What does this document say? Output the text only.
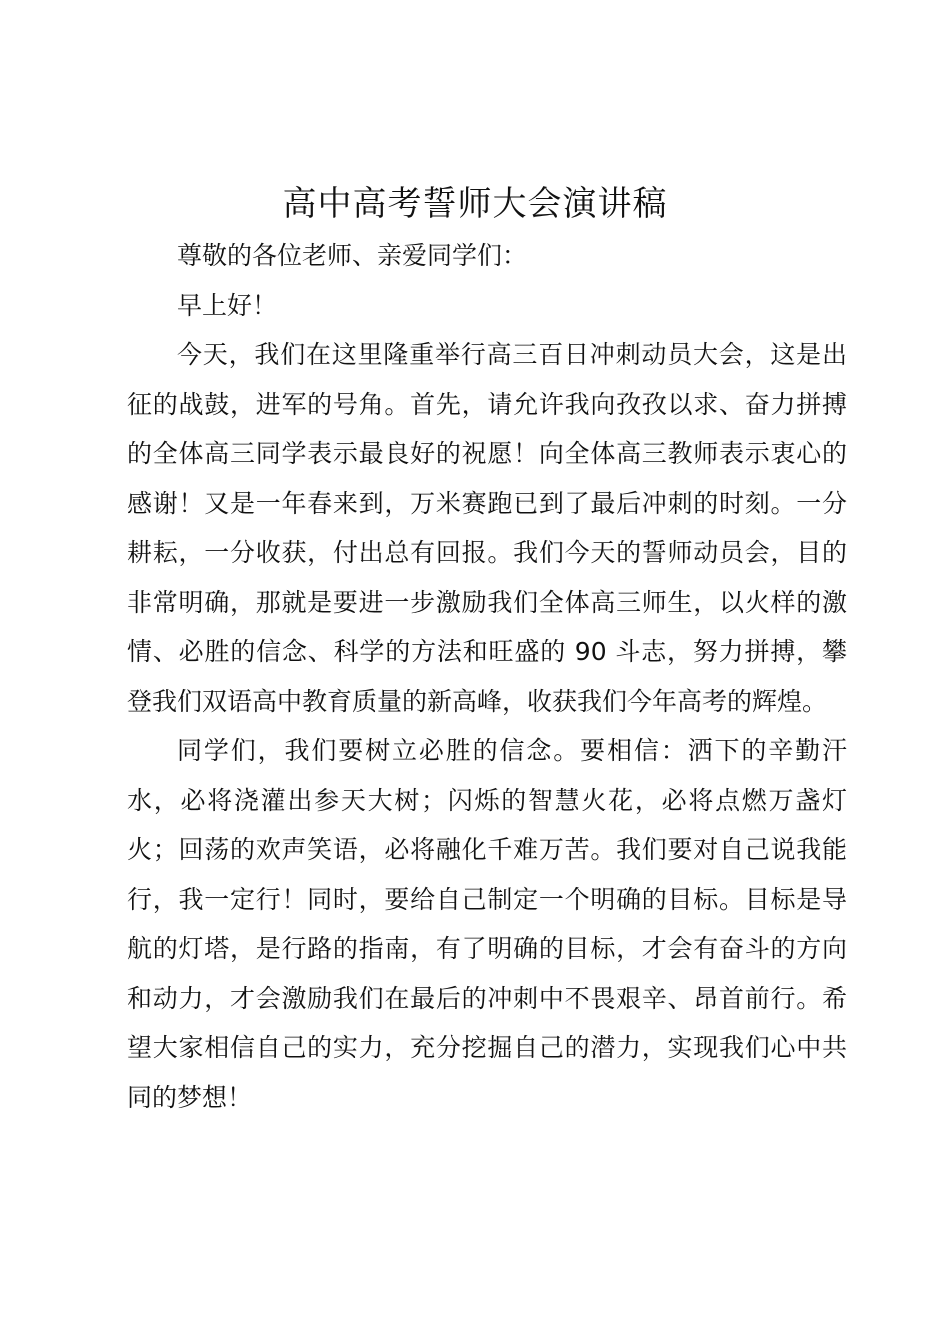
高中高考誓师大会演讲稿

尊敬的各位老师、亲爱同学们：

早上好！

今天，我们在这里隆重举行高三百日冲刺动员大会，这是出征的战鼓，进军的号角。首先，请允许我向孜孜以求、奋力拼搏的全体高三同学表示最良好的祝愿！向全体高三教师表示衷心的感谢！又是一年春来到，万米赛跑已到了最后冲刺的时刻。一分耕耘，一分收获，付出总有回报。我们今天的誓师动员会，目的非常明确，那就是要进一步激励我们全体高三师生，以火样的激情、必胜的信念、科学的方法和旺盛的 90 斗志，努力拼搏，攀登我们双语高中教育质量的新高峰，收获我们今年高考的辉煌。

同学们，我们要树立必胜的信念。要相信：洒下的辛勤汗水，必将浇灌出参天大树；闪烁的智慧火花，必将点燃万盏灯火；回荡的欢声笑语，必将融化千难万苦。我们要对自己说我能行，我一定行！同时，要给自己制定一个明确的目标。目标是导航的灯塔，是行路的指南，有了明确的目标，才会有奋斗的方向和动力，才会激励我们在最后的冲刺中不畏艰辛、昂首前行。希望大家相信自己的实力，充分挖掘自己的潜力，实现我们心中共同的梦想！
